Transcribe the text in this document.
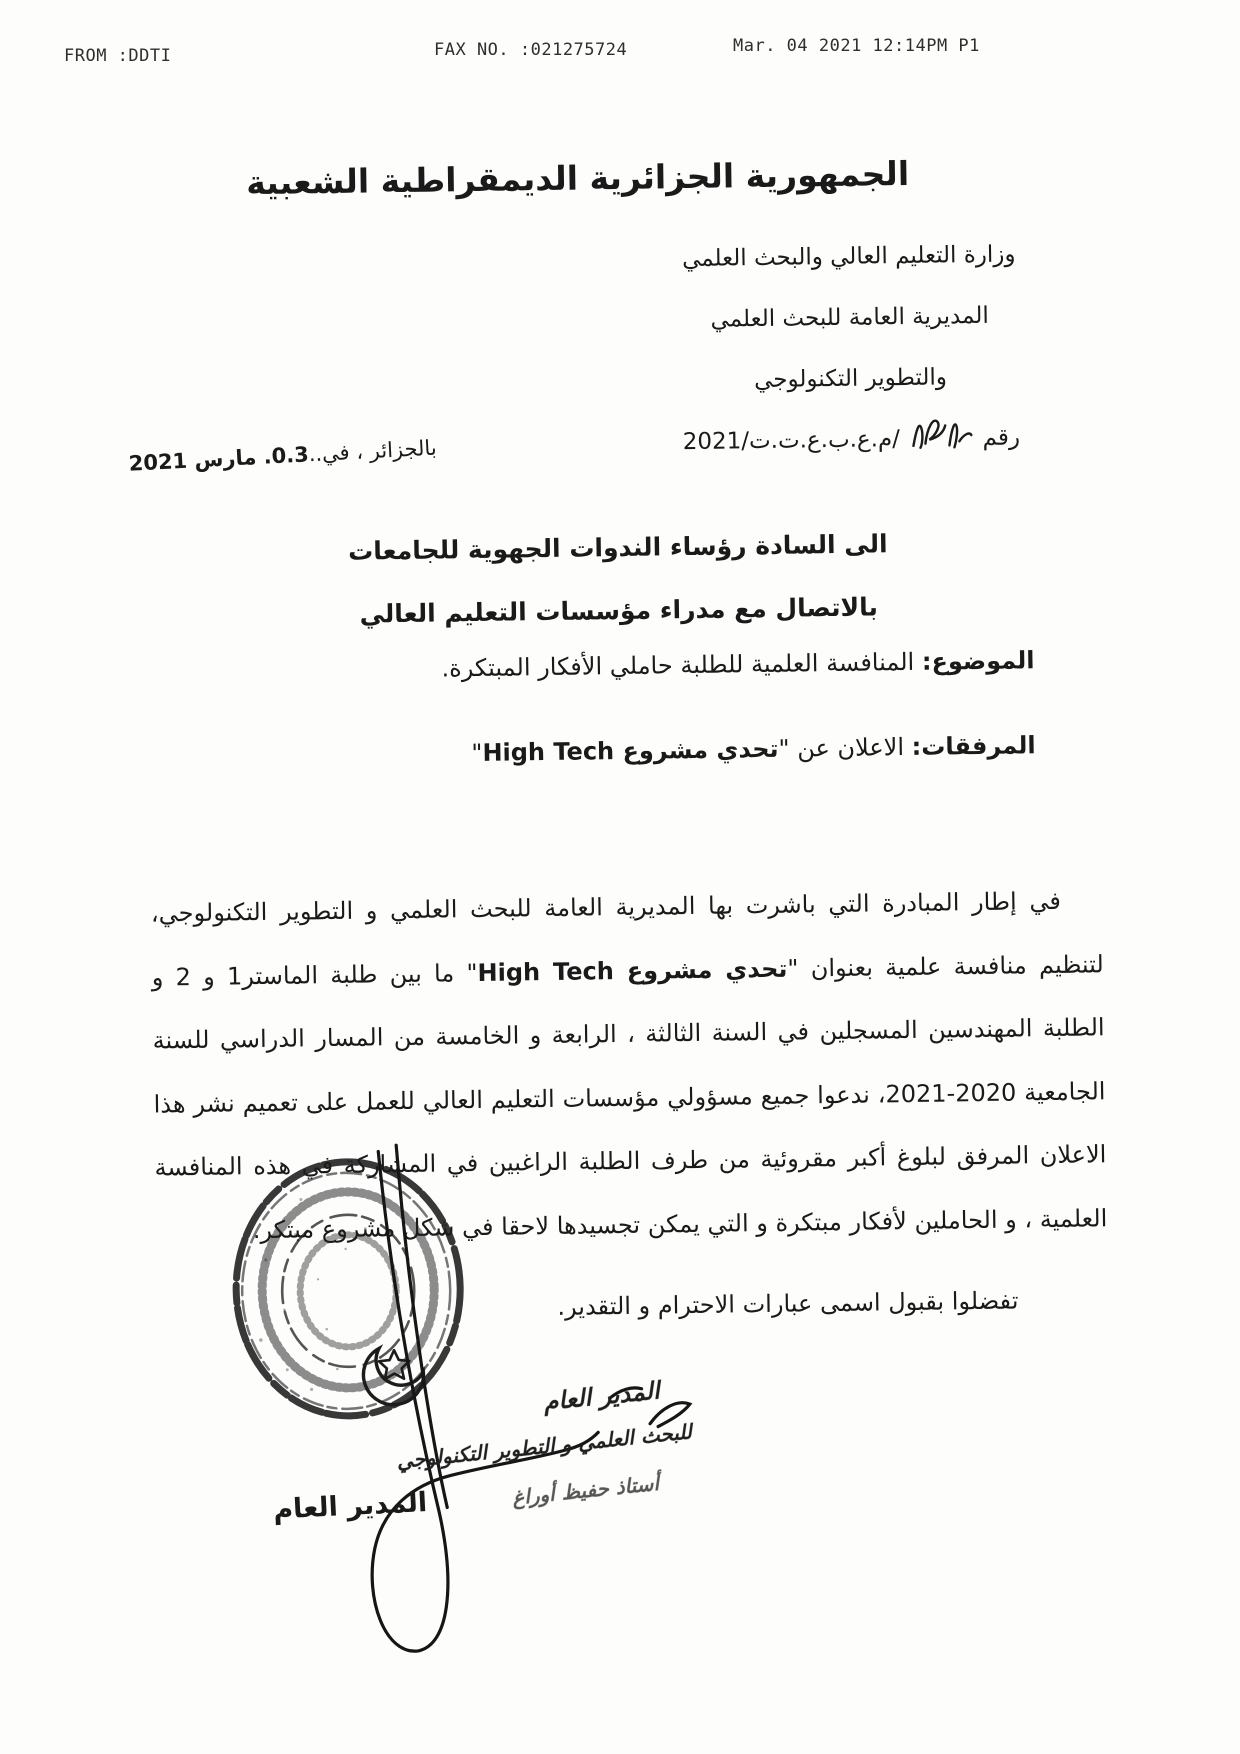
FROM :DDTI	FAX NO. :021275724	Mar. 04 2021 12:14PM P1
الجمهورية الجزائرية الديمقراطية الشعبية
وزارة التعليم العالي والبحث العلمي
المديرية العامة للبحث العلمي
والتطوير التكنولوجي
رقم  /م.ع.ب.ع.ت.ت/2021
بالجزائر ، في..0.3. مارس 2021
الى السادة رؤساء الندوات الجهوية للجامعات
بالاتصال مع مدراء مؤسسات التعليم العالي
الموضوع: المنافسة العلمية للطلبة حاملي الأفكار المبتكرة.
المرفقات: الاعلان عن "تحدي مشروع High Tech"
في إطار المبادرة التي باشرت بها المديرية العامة للبحث العلمي و التطوير التكنولوجي، لتنظيم منافسة علمية بعنوان "تحدي مشروع High Tech" ما بين طلبة الماستر1 و 2 و الطلبة المهندسين المسجلين في السنة الثالثة ، الرابعة و الخامسة من المسار الدراسي للسنة الجامعية 2020-2021، ندعوا جميع مسؤولي مؤسسات التعليم العالي للعمل على تعميم نشر هذا الاعلان المرفق لبلوغ أكبر مقروئية من طرف الطلبة الراغبين في المشاركة في هذه المنافسة العلمية ، و الحاملين لأفكار مبتكرة و التي يمكن تجسيدها لاحقا في شكل مشروع مبتكر.
تفضلوا بقبول اسمى عبارات الاحترام و التقدير.
المدير العام
للبحث العلمي و التطوير التكنولوجي
أستاذ حفيظ أوراغ
المدير العام
